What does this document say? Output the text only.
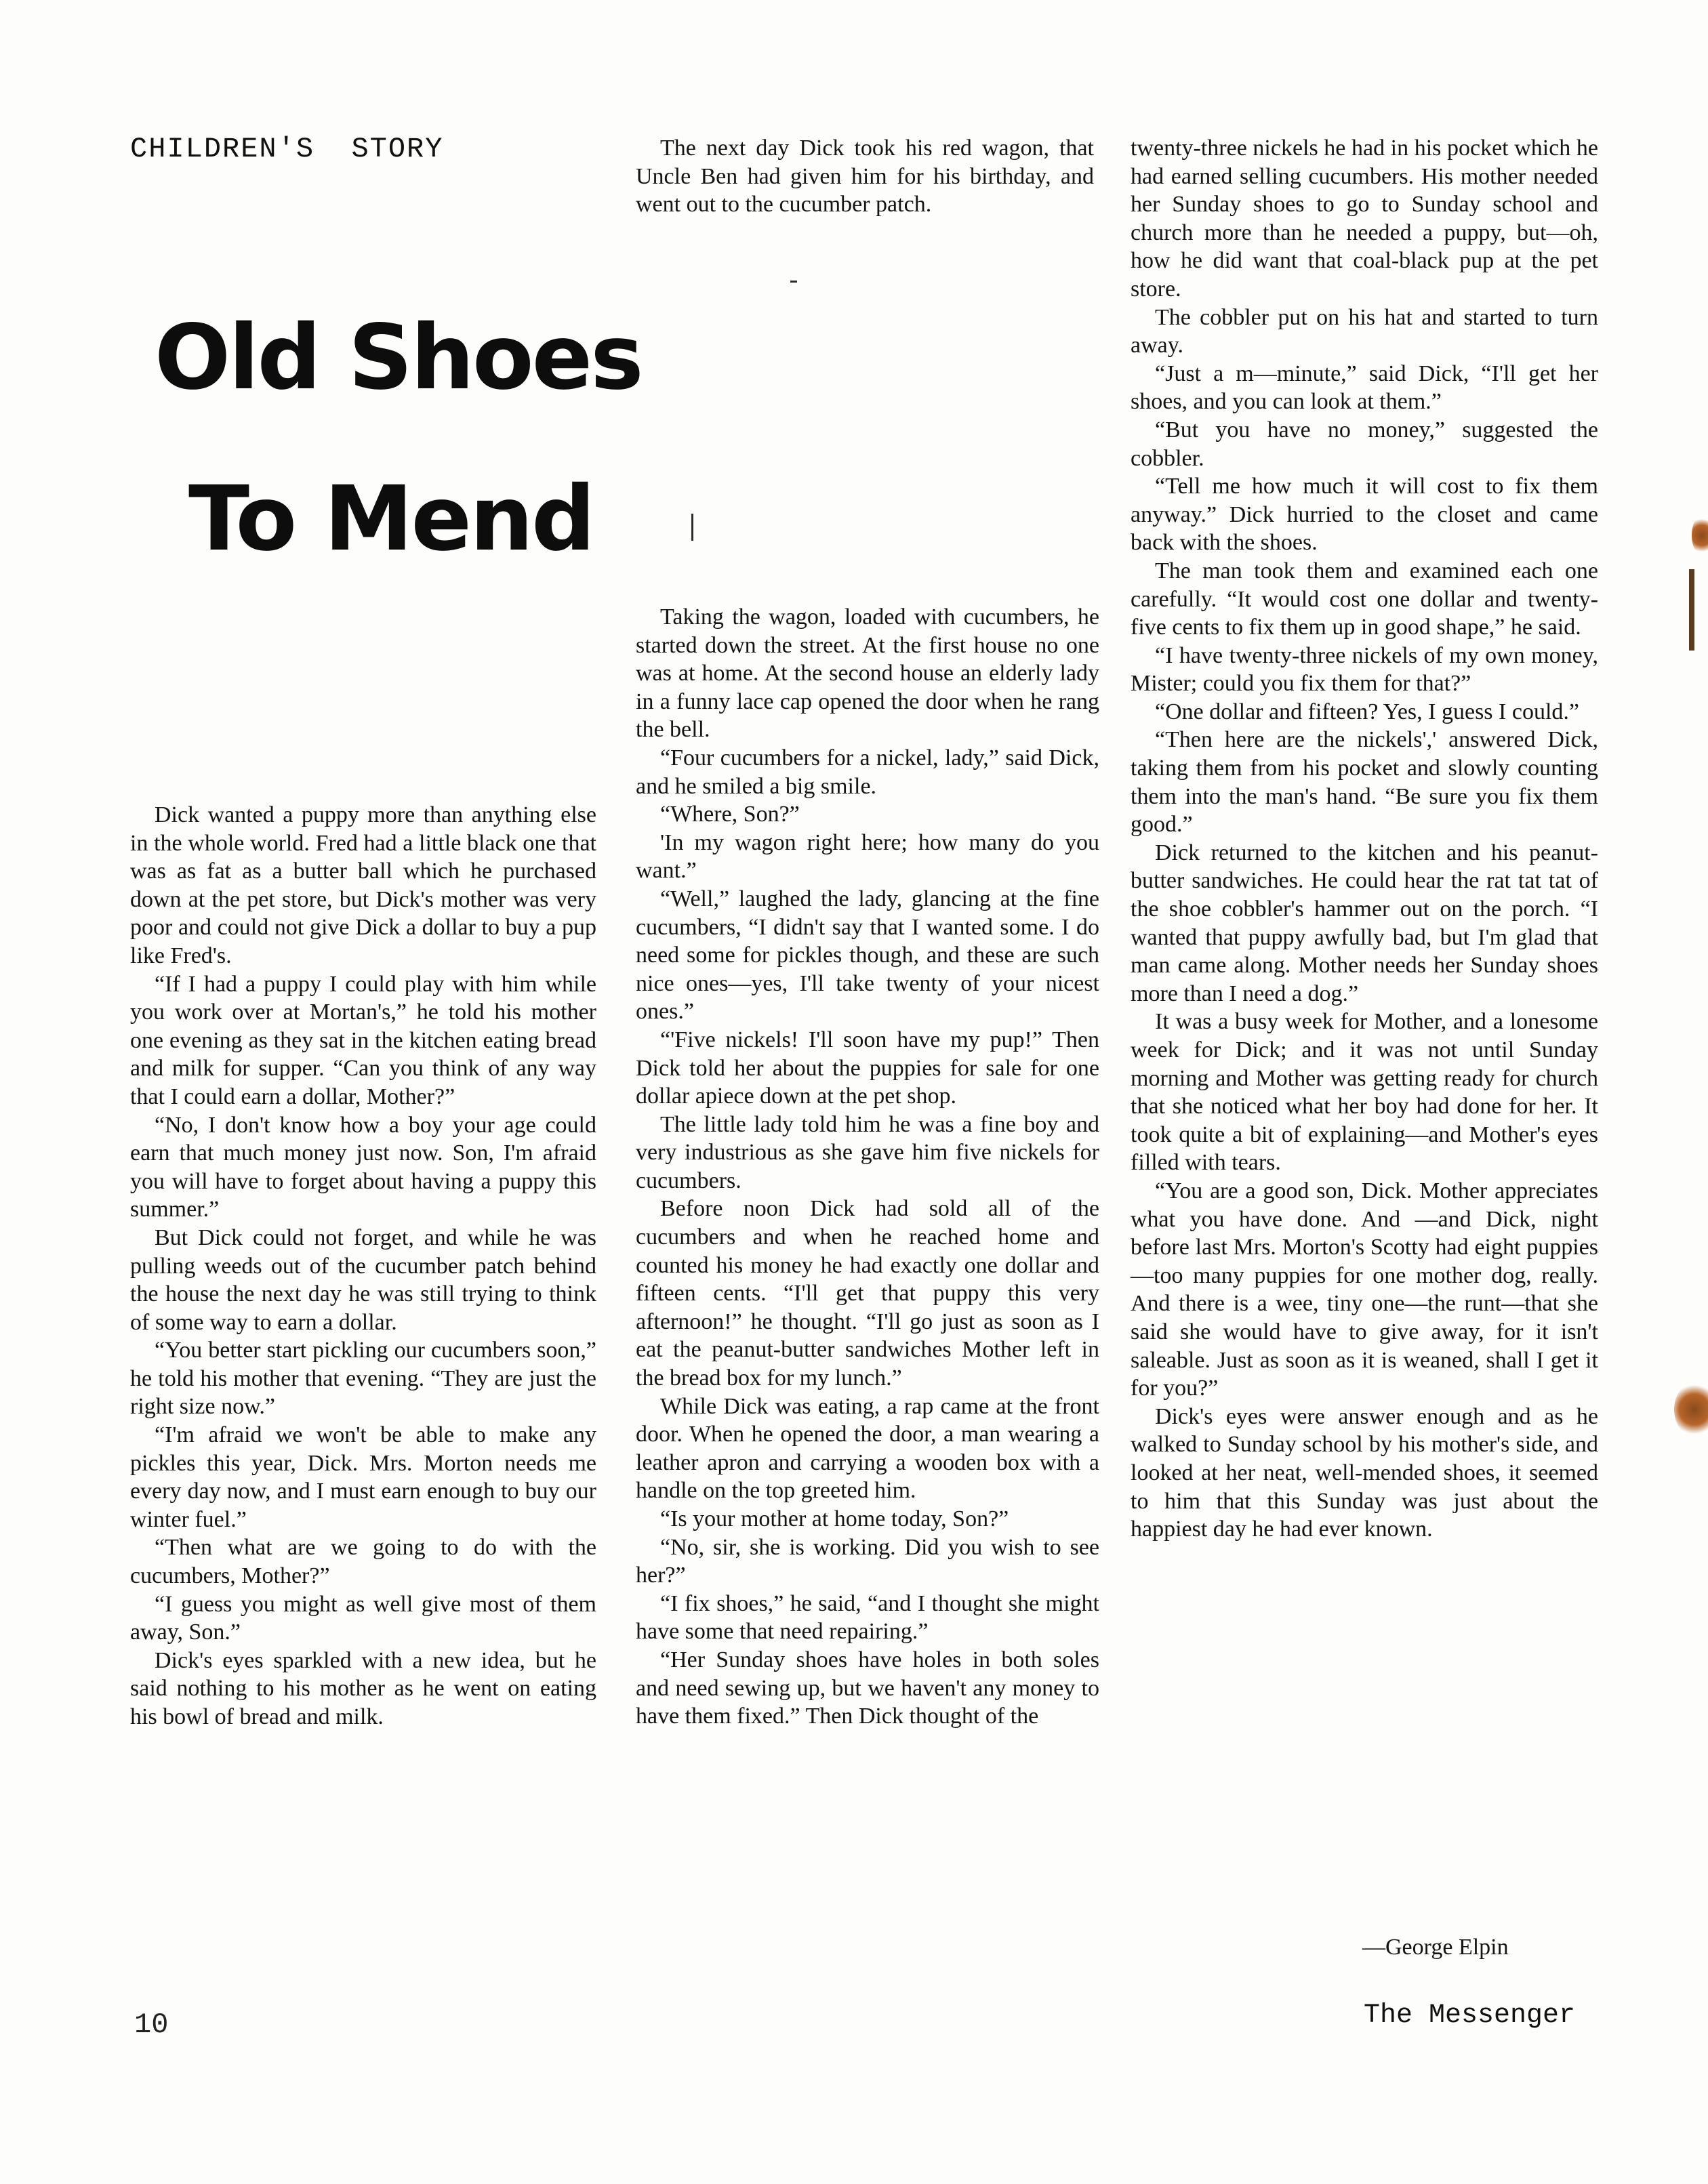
CHILDREN'S  STORY
Old Shoes
To Mend

Dick wanted a puppy more than anything else in the whole world. Fred had a little black one that was as fat as a butter ball which he purchased down at the pet store, but Dick's mother was very poor and could not give Dick a dollar to buy a pup like Fred's.

“If I had a puppy I could play with him while you work over at Mortan's,” he told his mother one evening as they sat in the kitchen eating bread and milk for supper. “Can you think of any way that I could earn a dollar, Mother?”

“No, I don't know how a boy your age could earn that much money just now. Son, I'm afraid you will have to forget about having a puppy this summer.”

But Dick could not forget, and while he was pulling weeds out of the cucumber patch behind the house the next day he was still trying to think of some way to earn a dollar.

“You better start pickling our cucumbers soon,” he told his mother that evening. “They are just the right size now.”

“I'm afraid we won't be able to make any pickles this year, Dick. Mrs. Morton needs me every day now, and I must earn enough to buy our winter fuel.”

“Then what are we going to do with the cucumbers, Mother?”

“I guess you might as well give most of them away, Son.”

Dick's eyes sparkled with a new idea, but he said nothing to his mother as he went on eating his bowl of bread and milk.

The next day Dick took his red wagon, that Uncle Ben had given him for his birthday, and went out to the cucumber patch.

Taking the wagon, loaded with cucumbers, he started down the street. At the first house no one was at home. At the second house an elderly lady in a funny lace cap opened the door when he rang the bell.

“Four cucumbers for a nickel, lady,” said Dick, and he smiled a big smile.

“Where, Son?”

'In my wagon right here; how many do you want.”

“Well,” laughed the lady, glancing at the fine cucumbers, “I didn't say that I wanted some. I do need some for pickles though, and these are such nice ones—yes, I'll take twenty of your nicest ones.”

“'Five nickels! I'll soon have my pup!” Then Dick told her about the puppies for sale for one dollar apiece down at the pet shop.

The little lady told him he was a fine boy and very industrious as she gave him five nickels for cucumbers.

Before noon Dick had sold all of the cucumbers and when he reached home and counted his money he had exactly one dollar and fifteen cents. “I'll get that puppy this very afternoon!” he thought. “I'll go just as soon as I eat the peanut-butter sandwiches Mother left in the bread box for my lunch.”

While Dick was eating, a rap came at the front door. When he opened the door, a man wearing a leather apron and carrying a wooden box with a handle on the top greeted him.

“Is your mother at home today, Son?”

“No, sir, she is working. Did you wish to see her?”

“I fix shoes,” he said, “and I thought she might have some that need repairing.”

“Her Sunday shoes have holes in both soles and need sewing up, but we haven't any money to have them fixed.” Then Dick thought of the

twenty-three nickels he had in his pocket which he had earned selling cucumbers. His mother needed her Sunday shoes to go to Sunday school and church more than he needed a puppy, but—oh, how he did want that coal-black pup at the pet store.

The cobbler put on his hat and started to turn away.

“Just a m—minute,” said Dick, “I'll get her shoes, and you can look at them.”

“But you have no money,” suggested the cobbler.

“Tell me how much it will cost to fix them anyway.” Dick hurried to the closet and came back with the shoes.

The man took them and examined each one carefully. “It would cost one dollar and twenty-five cents to fix them up in good shape,” he said.

“I have twenty-three nickels of my own money, Mister; could you fix them for that?”

“One dollar and fifteen? Yes, I guess I could.”

“Then here are the nickels',' answered Dick, taking them from his pocket and slowly counting them into the man's hand. “Be sure you fix them good.”

Dick returned to the kitchen and his peanut-butter sandwiches. He could hear the rat tat tat of the shoe cobbler's hammer out on the porch. “I wanted that puppy awfully bad, but I'm glad that man came along. Mother needs her Sunday shoes more than I need a dog.”

It was a busy week for Mother, and a lonesome week for Dick; and it was not until Sunday morning and Mother was getting ready for church that she noticed what her boy had done for her. It took quite a bit of explaining—and Mother's eyes filled with tears.

“You are a good son, Dick. Mother appreciates what you have done. And —and Dick, night before last Mrs. Morton's Scotty had eight puppies—too many puppies for one mother dog, really. And there is a wee, tiny one—the runt—that she said she would have to give away, for it isn't saleable. Just as soon as it is weaned, shall I get it for you?”

Dick's eyes were answer enough and as he walked to Sunday school by his mother's side, and looked at her neat, well-mended shoes, it seemed to him that this Sunday was just about the happiest day he had ever known.

—George Elpin
10	The Messenger
